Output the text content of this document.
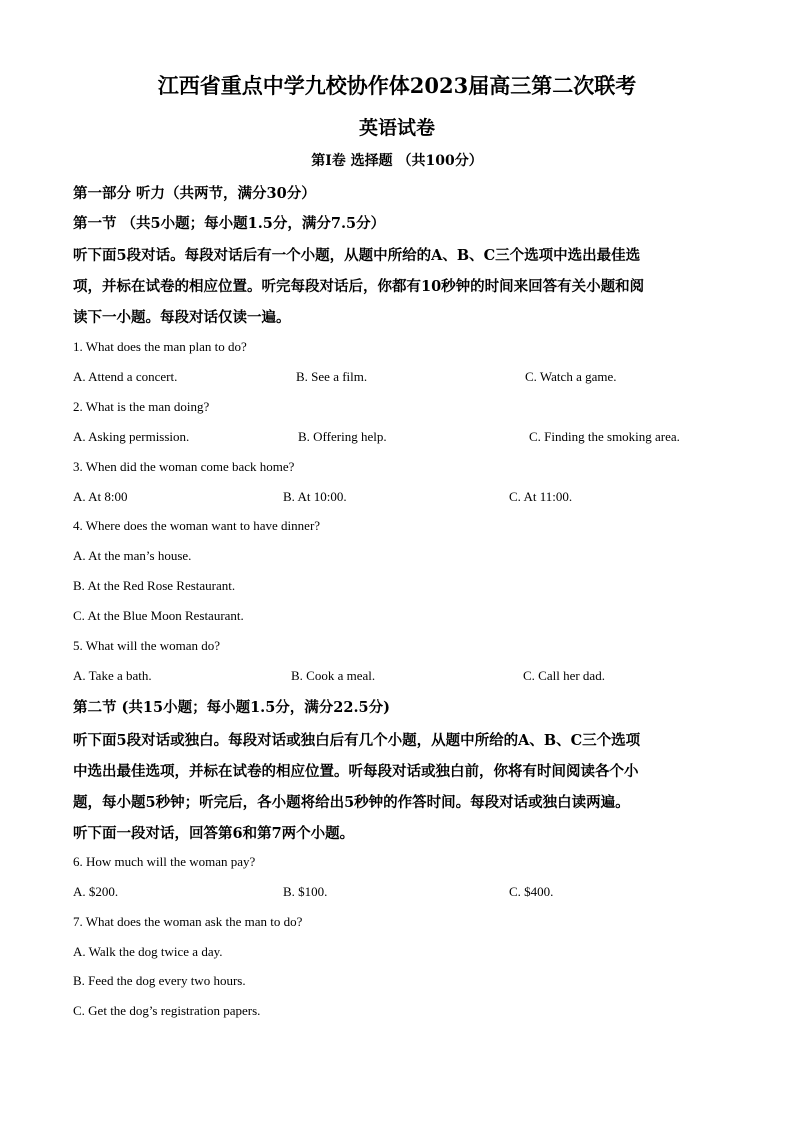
江西省重点中学九校协作体2023届高三第二次联考
英语试卷
第I卷 选择题 （共100分）
第一部分 听力（共两节，满分30分）
第一节 （共5小题；每小题1.5分，满分7.5分）
听下面5段对话。每段对话后有一个小题，从题中所给的A、B、C三个选项中选出最佳选
项，并标在试卷的相应位置。听完每段对话后，你都有10秒钟的时间来回答有关小题和阅
读下一小题。每段对话仅读一遍。
1. What does the man plan to do?
A. Attend a concert.	B. See a film.	C. Watch a game.
2. What is the man doing?
A. Asking permission.	B. Offering help.	C. Finding the smoking area.
3. When did the woman come back home?
A. At 8:00	B. At 10:00.	C. At 11:00.
4. Where does the woman want to have dinner?
A. At the man’s house.
B. At the Red Rose Restaurant.
C. At the Blue Moon Restaurant.
5. What will the woman do?
A. Take a bath.	B. Cook a meal.	C. Call her dad.
第二节 (共15小题；每小题1.5分，满分22.5分)
听下面5段对话或独白。每段对话或独白后有几个小题，从题中所给的A、B、C三个选项
中选出最佳选项，并标在试卷的相应位置。听每段对话或独白前，你将有时间阅读各个小
题，每小题5秒钟；听完后，各小题将给出5秒钟的作答时间。每段对话或独白读两遍。
听下面一段对话，回答第6和第7两个小题。
6. How much will the woman pay?
A. $200.	B. $100.	C. $400.
7. What does the woman ask the man to do?
A. Walk the dog twice a day.
B. Feed the dog every two hours.
C. Get the dog’s registration papers.
